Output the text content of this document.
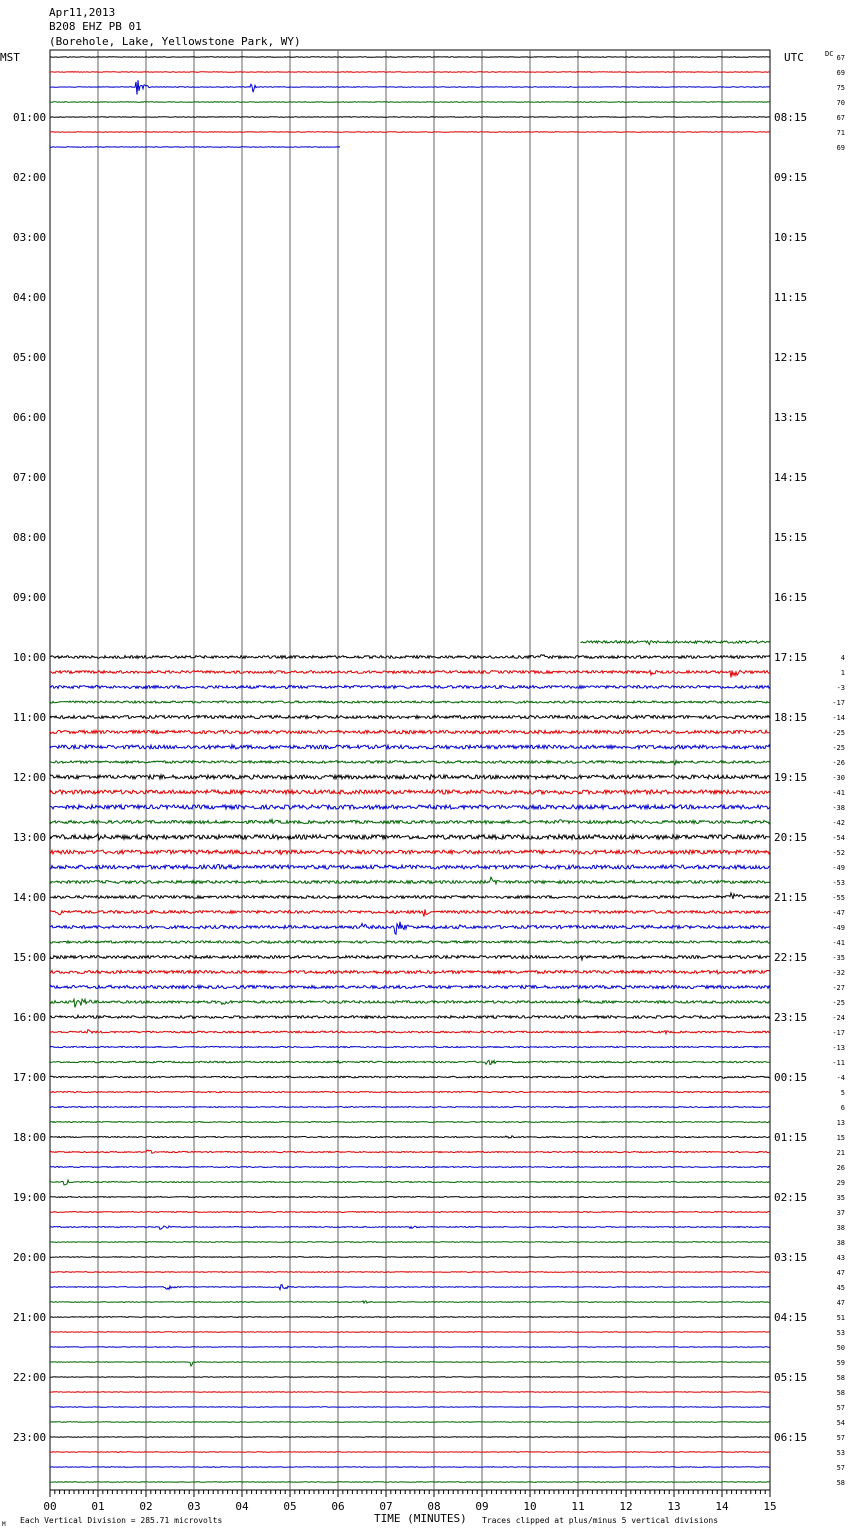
Apr11,2013
B208 EHZ PB 01
(Borehole, Lake, Yellowstone Park, WY)
MST	UTC	DC
01:00	08:15
02:00	09:15
03:00	10:15
04:00	11:15
05:00	12:15
06:00	13:15
07:00	14:15
08:00	15:15
09:00	16:15
10:00	17:15
11:00	18:15
12:00	19:15
13:00	20:15
14:00	21:15
15:00	22:15
16:00	23:15
17:00	00:15
18:00	01:15
19:00	02:15
20:00	03:15
21:00	04:15
22:00	05:15
23:00	06:15
67
69
75
70
67
71
69
4
1
-3
-17
-14
-25
-25
-26
-30
-41
-38
-42
-54
-52
-49
-53
-55
-47
-49
-41
-35
-32
-27
-25
-24
-17
-13
-11
-4
5
6
13
15
21
26
29
35
37
38
38
43
47
45
47
51
53
50
59
58
58
57
54
57
53
57
58
00	01	02	03	04	05	06	07	08	09	10	11	12	13	14	15
M Each Vertical Division = 285.71 microvolts	TIME (MINUTES) Traces clipped at plus/minus 5 vertical divisions
